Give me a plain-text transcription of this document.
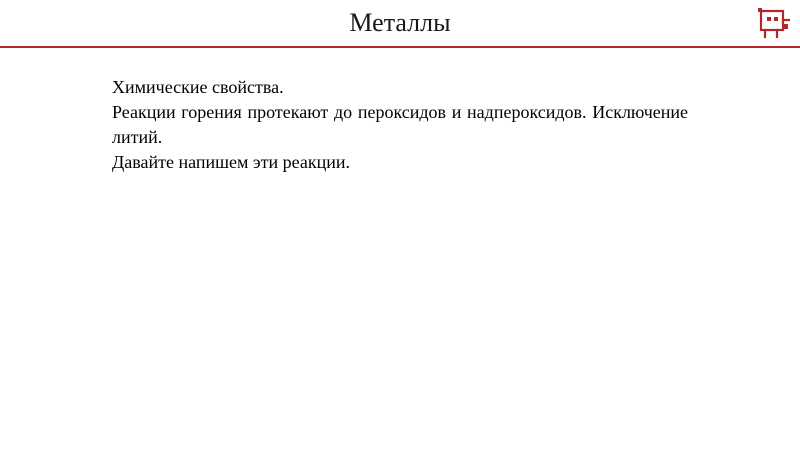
Металлы

Химические свойства.

Реакции горения протекают до пероксидов и надпероксидов. Исключение литий.

Давайте напишем эти реакции.
